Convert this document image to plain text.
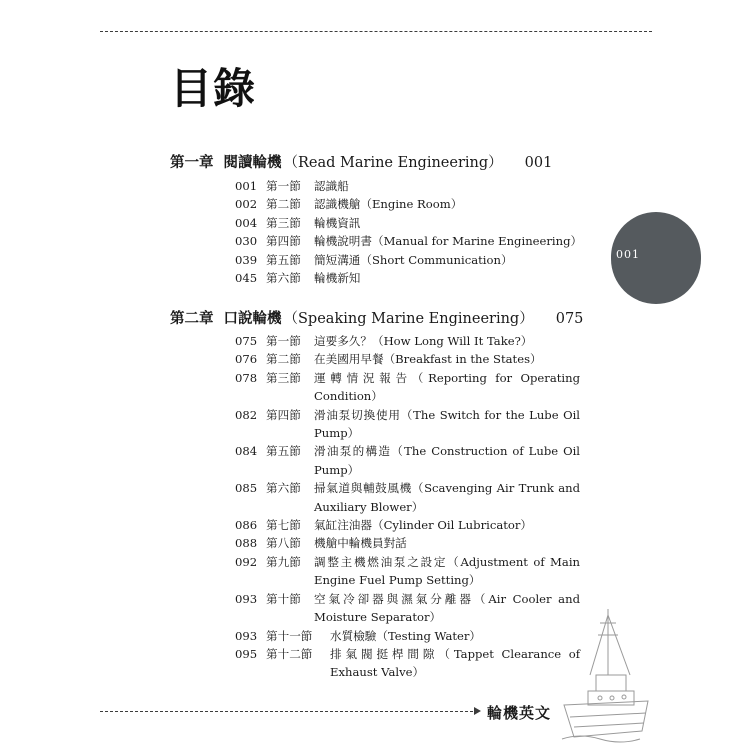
目錄
第一章 閱讀輪機 （Read Marine Engineering） 001
001 第一節	認識船
002 第二節	認識機艙（Engine Room）
004 第三節	輪機資訊
030 第四節	輪機說明書（Manual for Marine Engineering）
039 第五節	簡短溝通（Short Communication）
045 第六節	輪機新知
第二章 口說輪機 （Speaking Marine Engineering） 075
075 第一節	這要多久？（How Long Will It Take?）
076 第二節	在美國用早餐（Breakfast in the States）
078 第三節	運轉情況報告（Reporting for Operating Condition）
082 第四節	滑油泵切換使用（The Switch for the Lube Oil Pump）
084 第五節	滑油泵的構造（The Construction of Lube Oil Pump）
085 第六節	掃氣道與輔鼓風機（Scavenging Air Trunk and Auxiliary Blower）
086 第七節	氣缸注油器（Cylinder Oil Lubricator）
088 第八節	機艙中輪機員對話
092 第九節	調整主機燃油泵之設定（Adjustment of Main Engine Fuel Pump Setting）
093 第十節	空氣冷卻器與濕氣分離器（Air Cooler and Moisture Separator）
093 第十一節	水質檢驗（Testing Water）
095 第十二節	排氣閥挺桿間隙（Tappet Clearance of Exhaust Valve）
001
輪機英文
